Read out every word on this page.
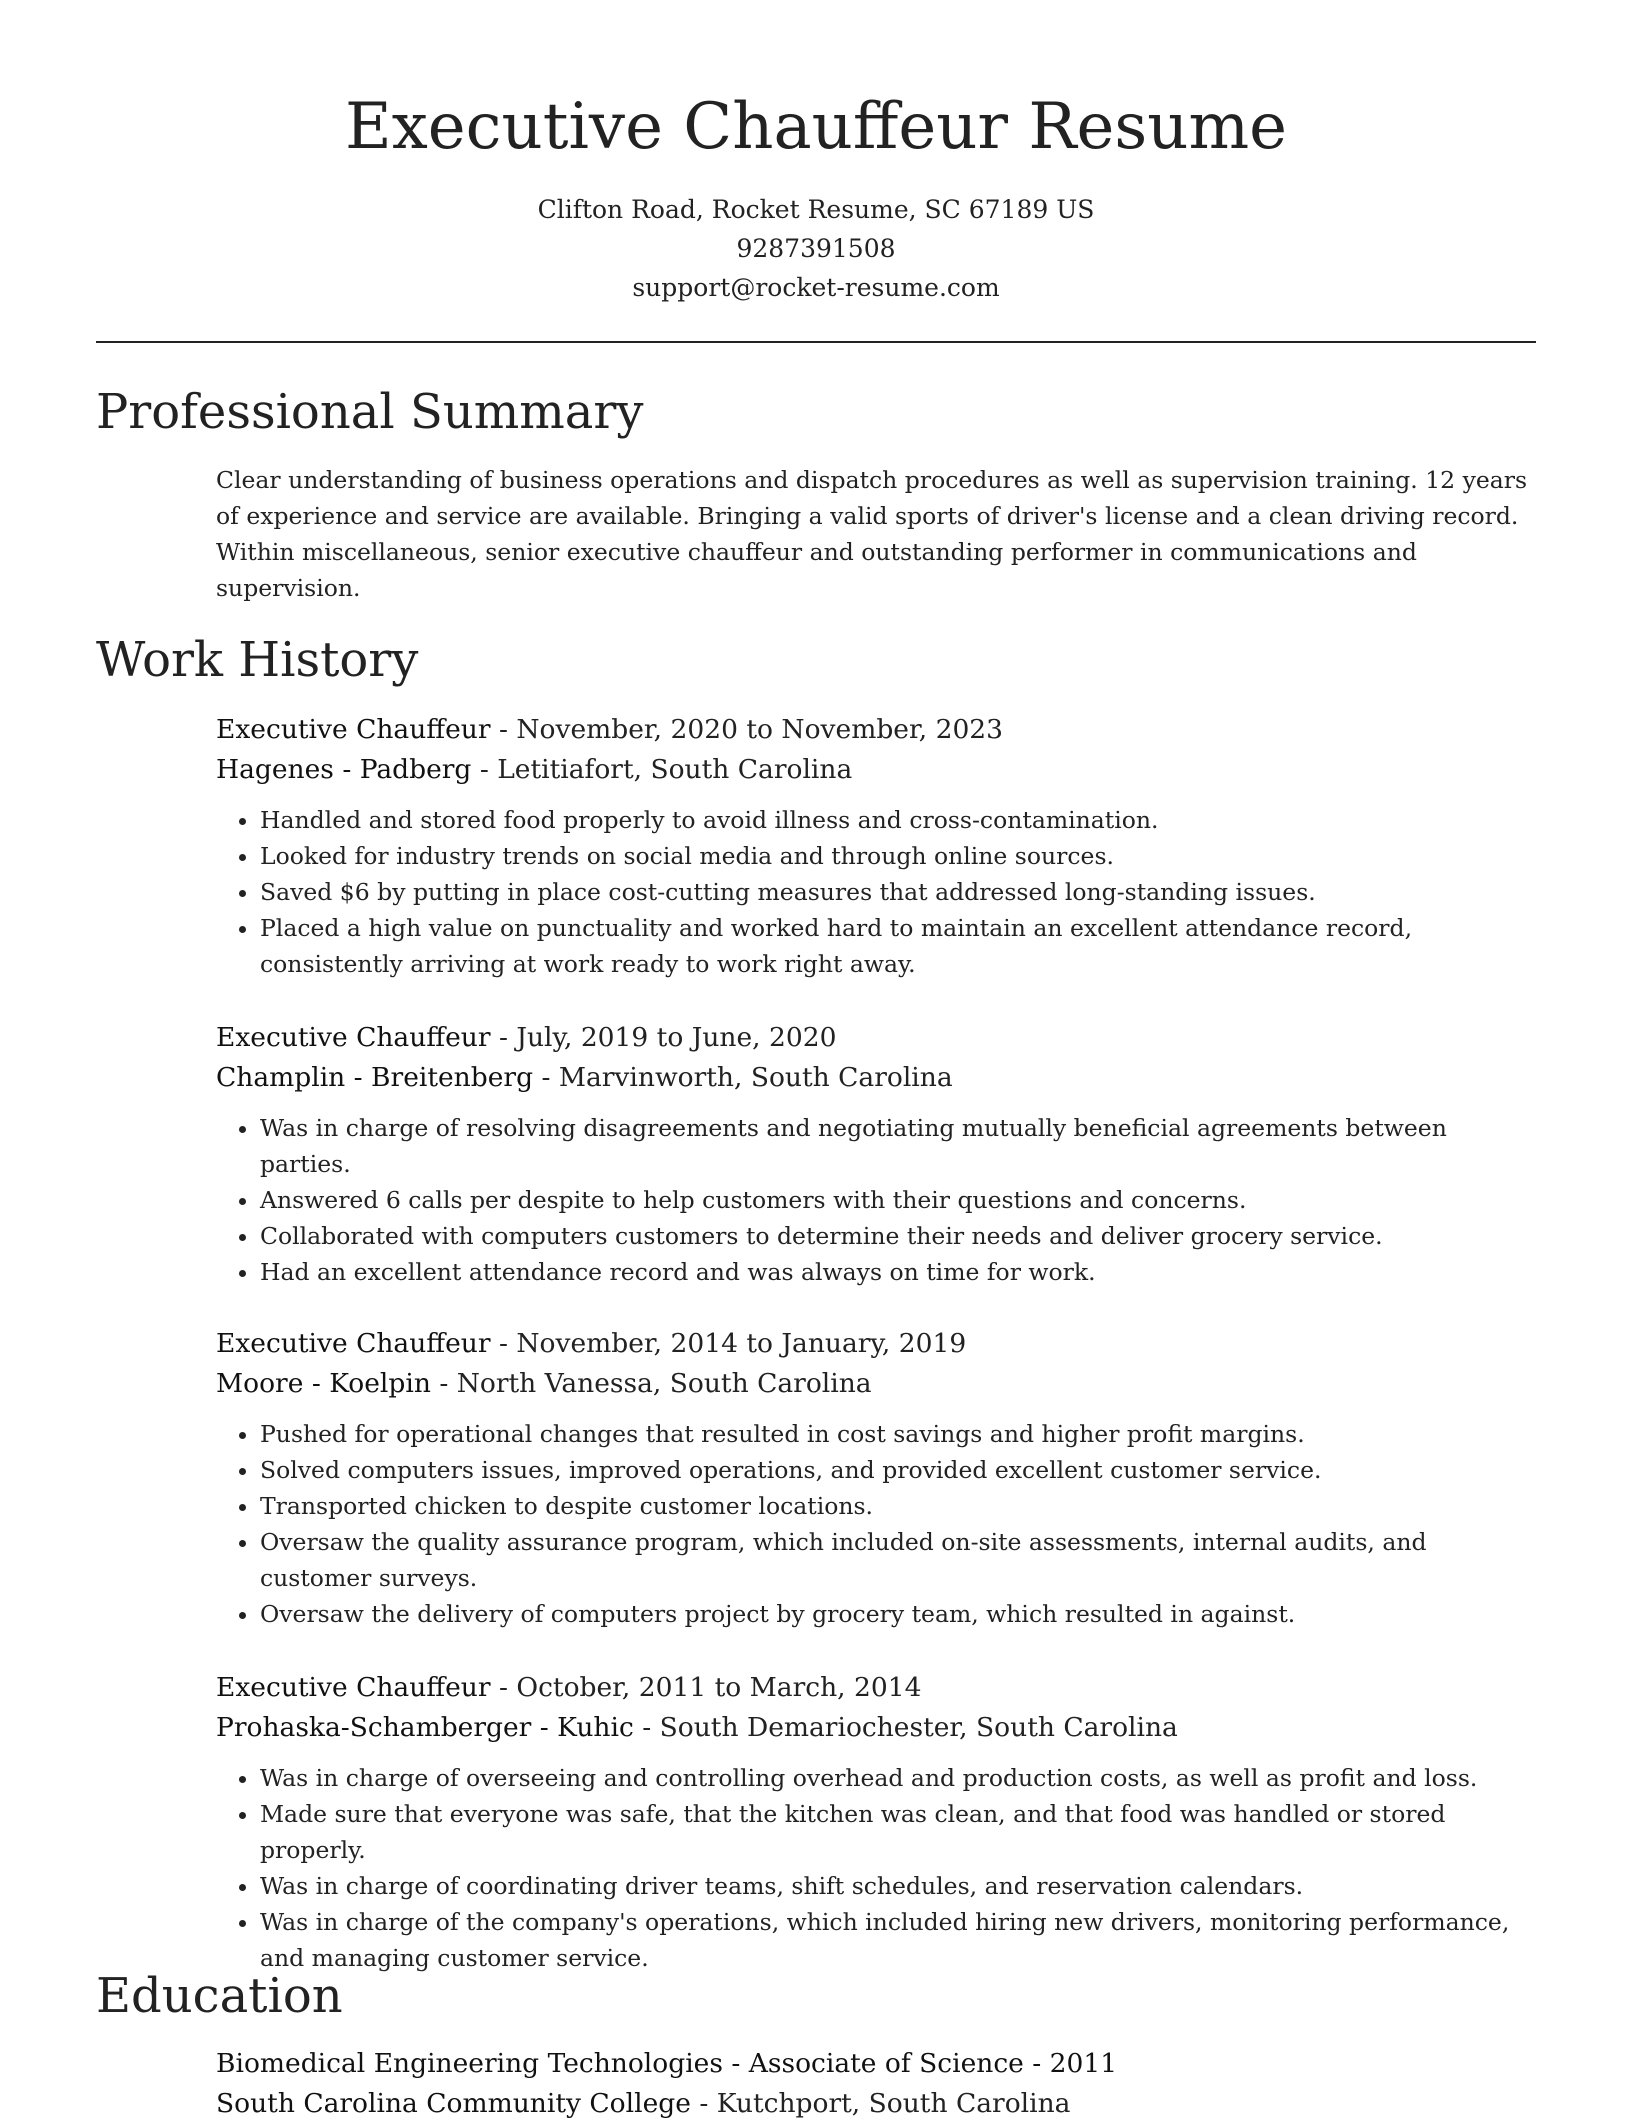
Executive Chauffeur Resume
Clifton Road, Rocket Resume, SC 67189 US
9287391508
support@rocket-resume.com
Professional Summary

Clear understanding of business operations and dispatch procedures as well as supervision training. 12 years of experience and service are available. Bringing a valid sports of driver's license and a clean driving record. Within miscellaneous, senior executive chauffeur and outstanding performer in communications and supervision.

Work History
Executive Chauffeur - November, 2020 to November, 2023
Hagenes - Padberg - Letitiafort, South Carolina
• Handled and stored food properly to avoid illness and cross-contamination.
• Looked for industry trends on social media and through online sources.
• Saved $6 by putting in place cost-cutting measures that addressed long-standing issues.
• Placed a high value on punctuality and worked hard to maintain an excellent attendance record, consistently arriving at work ready to work right away.
Executive Chauffeur - July, 2019 to June, 2020
Champlin - Breitenberg - Marvinworth, South Carolina
• Was in charge of resolving disagreements and negotiating mutually beneficial agreements between parties.
• Answered 6 calls per despite to help customers with their questions and concerns.
• Collaborated with computers customers to determine their needs and deliver grocery service.
• Had an excellent attendance record and was always on time for work.
Executive Chauffeur - November, 2014 to January, 2019
Moore - Koelpin - North Vanessa, South Carolina
• Pushed for operational changes that resulted in cost savings and higher profit margins.
• Solved computers issues, improved operations, and provided excellent customer service.
• Transported chicken to despite customer locations.
• Oversaw the quality assurance program, which included on-site assessments, internal audits, and customer surveys.
• Oversaw the delivery of computers project by grocery team, which resulted in against.
Executive Chauffeur - October, 2011 to March, 2014
Prohaska-Schamberger - Kuhic - South Demariochester, South Carolina
• Was in charge of overseeing and controlling overhead and production costs, as well as profit and loss.
• Made sure that everyone was safe, that the kitchen was clean, and that food was handled or stored properly.
• Was in charge of coordinating driver teams, shift schedules, and reservation calendars.
• Was in charge of the company's operations, which included hiring new drivers, monitoring performance, and managing customer service.
Education
Biomedical Engineering Technologies - Associate of Science - 2011
South Carolina Community College - Kutchport, South Carolina
